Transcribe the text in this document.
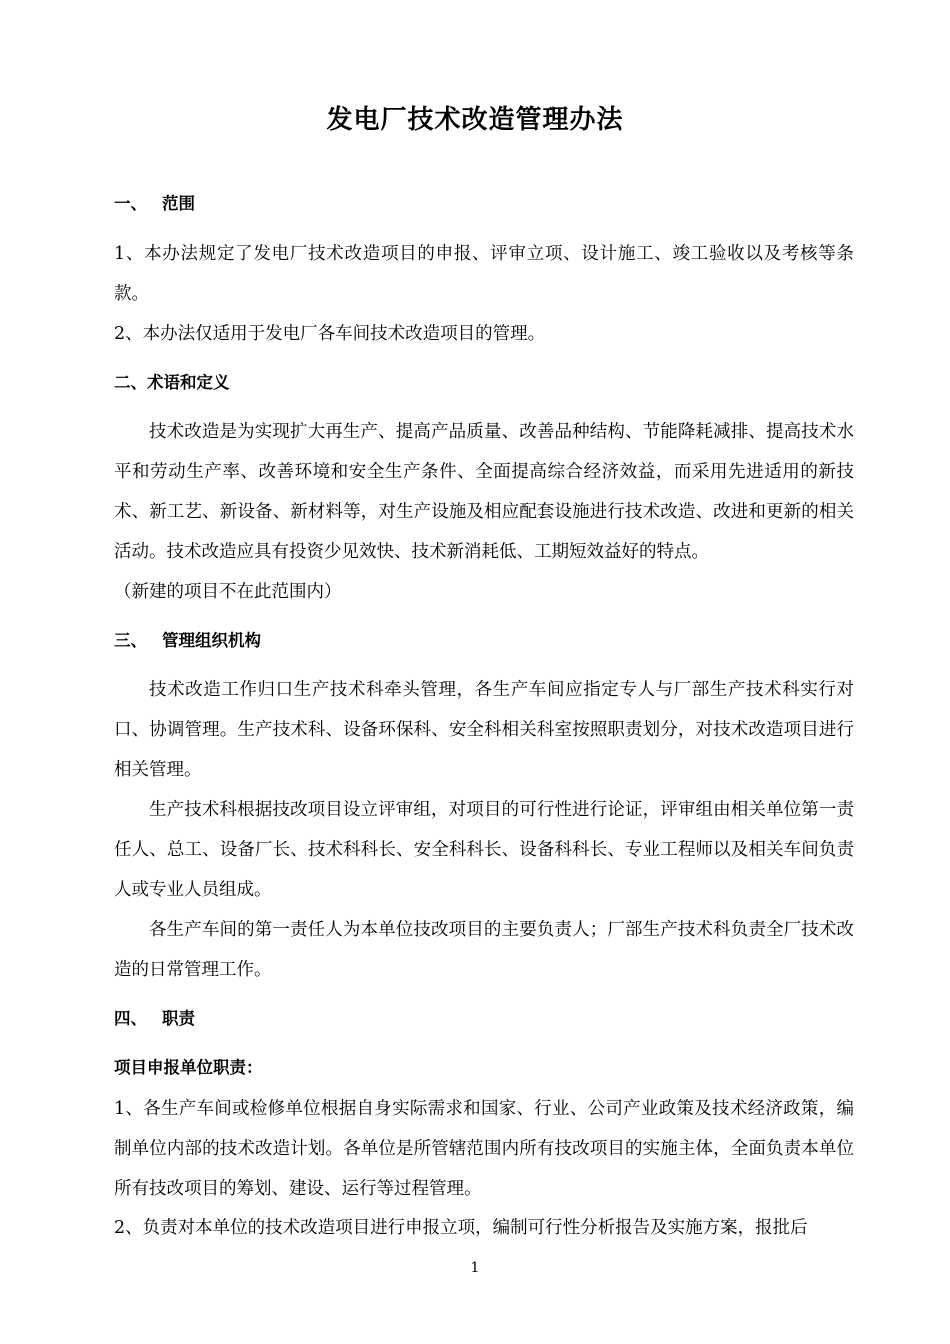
发电厂技术改造管理办法
一、 范围
1、本办法规定了发电厂技术改造项目的申报、评审立项、设计施工、竣工验收以及考核等条款。
2、本办法仅适用于发电厂各车间技术改造项目的管理。
二、术语和定义
技术改造是为实现扩大再生产、提高产品质量、改善品种结构、节能降耗减排、提高技术水平和劳动生产率、改善环境和安全生产条件、全面提高综合经济效益，而采用先进适用的新技术、新工艺、新设备、新材料等，对生产设施及相应配套设施进行技术改造、改进和更新的相关活动。技术改造应具有投资少见效快、技术新消耗低、工期短效益好的特点。
（新建的项目不在此范围内）
三、 管理组织机构
技术改造工作归口生产技术科牵头管理，各生产车间应指定专人与厂部生产技术科实行对口、协调管理。生产技术科、设备环保科、安全科相关科室按照职责划分，对技术改造项目进行相关管理。
生产技术科根据技改项目设立评审组，对项目的可行性进行论证，评审组由相关单位第一责任人、总工、设备厂长、技术科科长、安全科科长、设备科科长、专业工程师以及相关车间负责人或专业人员组成。
各生产车间的第一责任人为本单位技改项目的主要负责人；厂部生产技术科负责全厂技术改造的日常管理工作。
四、 职责
项目申报单位职责：
1、各生产车间或检修单位根据自身实际需求和国家、行业、公司产业政策及技术经济政策，编制单位内部的技术改造计划。各单位是所管辖范围内所有技改项目的实施主体，全面负责本单位所有技改项目的筹划、建设、运行等过程管理。
2、负责对本单位的技术改造项目进行申报立项，编制可行性分析报告及实施方案，报批后
1
